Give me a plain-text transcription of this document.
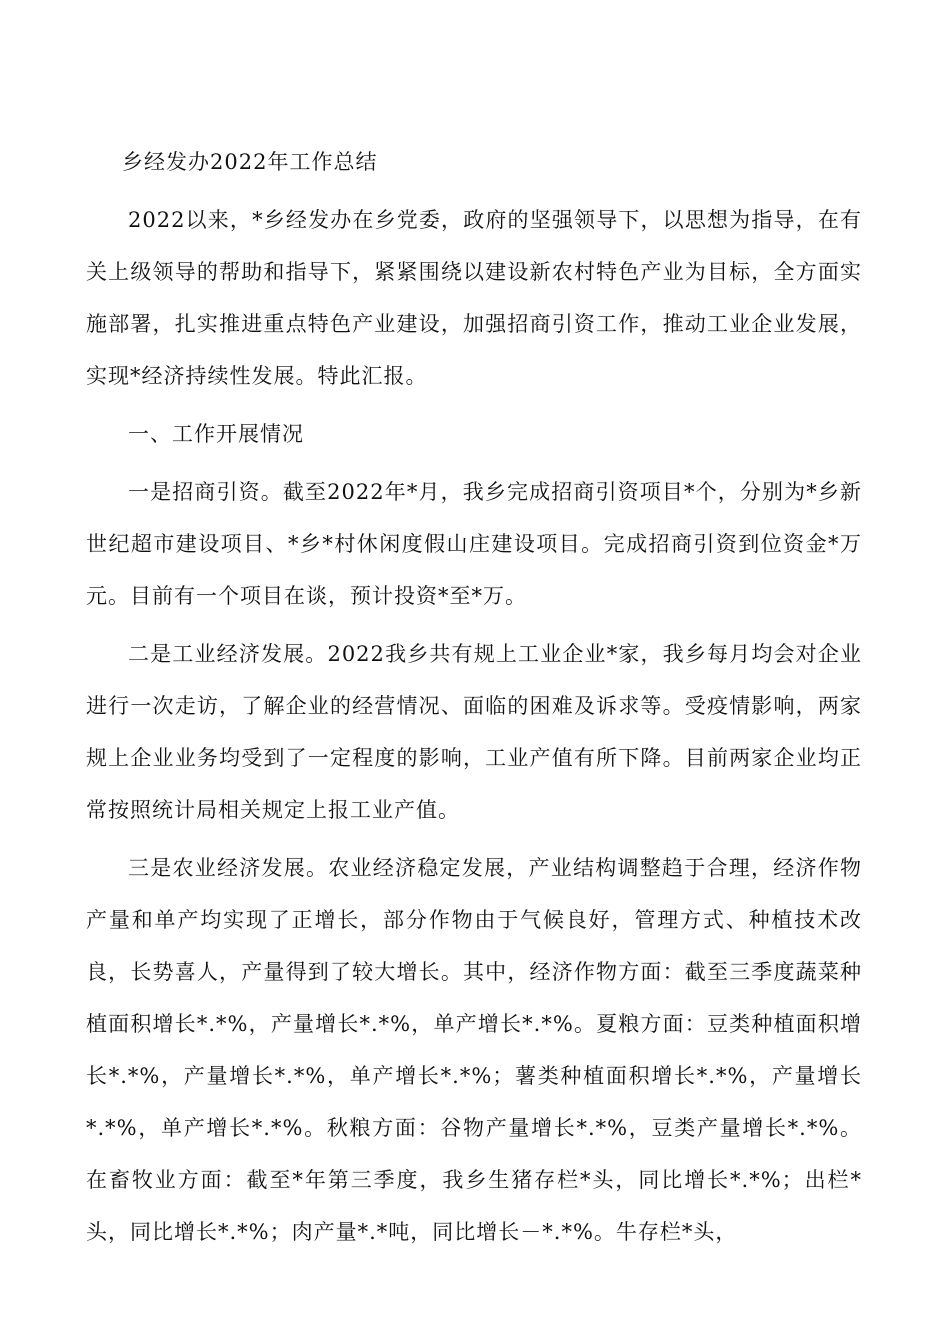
乡经发办2022年工作总结

2022以来，*乡经发办在乡党委，政府的坚强领导下，以思想为指导，在有关上级领导的帮助和指导下，紧紧围绕以建设新农村特色产业为目标，全方面实施部署，扎实推进重点特色产业建设，加强招商引资工作，推动工业企业发展，实现*经济持续性发展。特此汇报。

一、工作开展情况

一是招商引资。截至2022年*月，我乡完成招商引资项目*个，分别为*乡新世纪超市建设项目、*乡*村休闲度假山庄建设项目。完成招商引资到位资金*万元。目前有一个项目在谈，预计投资*至*万。

二是工业经济发展。2022我乡共有规上工业企业*家，我乡每月均会对企业进行一次走访，了解企业的经营情况、面临的困难及诉求等。受疫情影响，两家规上企业业务均受到了一定程度的影响，工业产值有所下降。目前两家企业均正常按照统计局相关规定上报工业产值。

三是农业经济发展。农业经济稳定发展，产业结构调整趋于合理，经济作物产量和单产均实现了正增长，部分作物由于气候良好，管理方式、种植技术改良，长势喜人，产量得到了较大增长。其中，经济作物方面：截至三季度蔬菜种植面积增长*.*%，产量增长*.*%，单产增长*.*%。夏粮方面：豆类种植面积增长*.*%，产量增长*.*%，单产增长*.*%；薯类种植面积增长*.*%，产量增长*.*%，单产增长*.*%。秋粮方面：谷物产量增长*.*%，豆类产量增长*.*%。在畜牧业方面：截至*年第三季度，我乡生猪存栏*头，同比增长*.*%；出栏*头，同比增长*.*%；肉产量*.*吨，同比增长－*.*%。牛存栏*头，
